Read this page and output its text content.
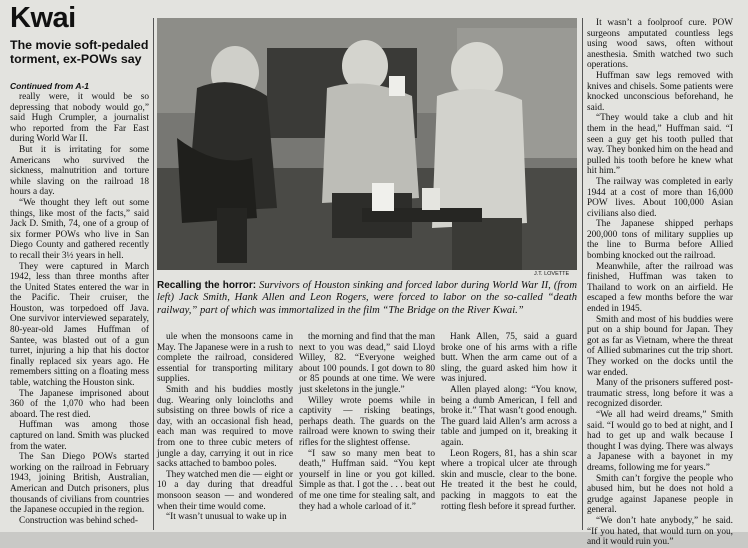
Kwai
The movie soft-pedaled torment, ex-POWs say
Continued from A-1

really were, it would be so depressing that nobody would go,” said Hugh Crumpler, a journalist who reported from the Far East during World War II.

But it is irritating for some Americans who survived the sickness, malnutrition and torture while slaving on the railroad 18 hours a day.

“We thought they left out some things, like most of the facts,” said Jack D. Smith, 74, one of a group of six former POWs who live in San Diego County and gathered recently to recall their 3½ years in hell.

They were captured in March 1942, less than three months after the United States entered the war in the Pacific. Their cruiser, the Houston, was torpedoed off Java. One survivor interviewed separately, 80-year-old James Huffman of Santee, was blasted out of a gun turret, injuring a hip that his doctor finally replaced six years ago. He remembers sitting on a floating mess table, watching the Houston sink.

The Japanese imprisoned about 360 of the 1,070 who had been aboard. The rest died.

Huffman was among those captured on land. Smith was plucked from the water.

The San Diego POWs started working on the railroad in February 1943, joining British, Australian, American and Dutch prisoners, plus thousands of civilians from countries the Japanese occupied in the region.

Construction was behind sched-

J.T. LOVETTE

Recalling the horror: Survivors of Houston sinking and forced labor during World War II, (from left) Jack Smith, Hank Allen and Leon Rogers, were forced to labor on the so-called “death railway,” part of which was immortalized in the film “The Bridge on the River Kwai.”

ule when the monsoons came in May. The Japanese were in a rush to complete the railroad, considered essential for transporting military supplies.

Smith and his buddies mostly dug. Wearing only loincloths and subsisting on three bowls of rice a day, with an occasional fish head, each man was required to move from one to three cubic meters of jungle a day, carrying it out in rice sacks attached to bamboo poles.

They watched men die — eight or 10 a day during that dreadful monsoon season — and wondered when their time would come.

“It wasn’t unusual to wake up in

the morning and find that the man next to you was dead,” said Lloyd Willey, 82. “Everyone weighed about 100 pounds. I got down to 80 or 85 pounds at one time. We were just skeletons in the jungle.”

Willey wrote poems while in captivity — risking beatings, perhaps death. The guards on the railroad were known to swing their rifles for the slightest offense.

“I saw so many men beat to death,” Huffman said. “You kept yourself in line or you got killed. Simple as that. I got the . . . beat out of me one time for stealing salt, and they had a whole carload of it.”

Hank Allen, 75, said a guard broke one of his arms with a rifle butt. When the arm came out of a sling, the guard asked him how it was injured.

Allen played along: “You know, being a dumb American, I fell and broke it.” That wasn’t good enough. The guard laid Allen’s arm across a table and jumped on it, breaking it again.

Leon Rogers, 81, has a shin scar where a tropical ulcer ate through skin and muscle, clear to the bone. He treated it the best he could, packing in maggots to eat the rotting flesh before it spread further.

It wasn’t a foolproof cure. POW surgeons amputated countless legs using wood saws, often without anesthesia. Smith watched two such operations.

Huffman saw legs removed with knives and chisels. Some patients were knocked unconscious beforehand, he said.

“They would take a club and hit them in the head,” Huffman said. “I seen a guy get his tooth pulled that way. They bonked him on the head and pulled his tooth before he knew what hit him.”

The railway was completed in early 1944 at a cost of more than 16,000 POW lives. About 100,000 Asian civilians also died.

The Japanese shipped perhaps 200,000 tons of military supplies up the line to Burma before Allied bombing knocked out the railroad.

Meanwhile, after the railroad was finished, Huffman was taken to Thailand to work on an airfield. He escaped a few months before the war ended in 1945.

Smith and most of his buddies were put on a ship bound for Japan. They got as far as Vietnam, where the threat of Allied submarines cut the trip short. They worked on the docks until the war ended.

Many of the prisoners suffered post-traumatic stress, long before it was a recognized disorder.

“We all had weird dreams,” Smith said. “I would go to bed at night, and I had to get up and walk because I thought I was dying. There was always a Japanese with a bayonet in my dreams, following me for years.”

Smith can’t forgive the people who abused him, but he does not hold a grudge against Japanese people in general.

“We don’t hate anybody,” he said. “If you hated, that would turn on you, and it would ruin you.”
